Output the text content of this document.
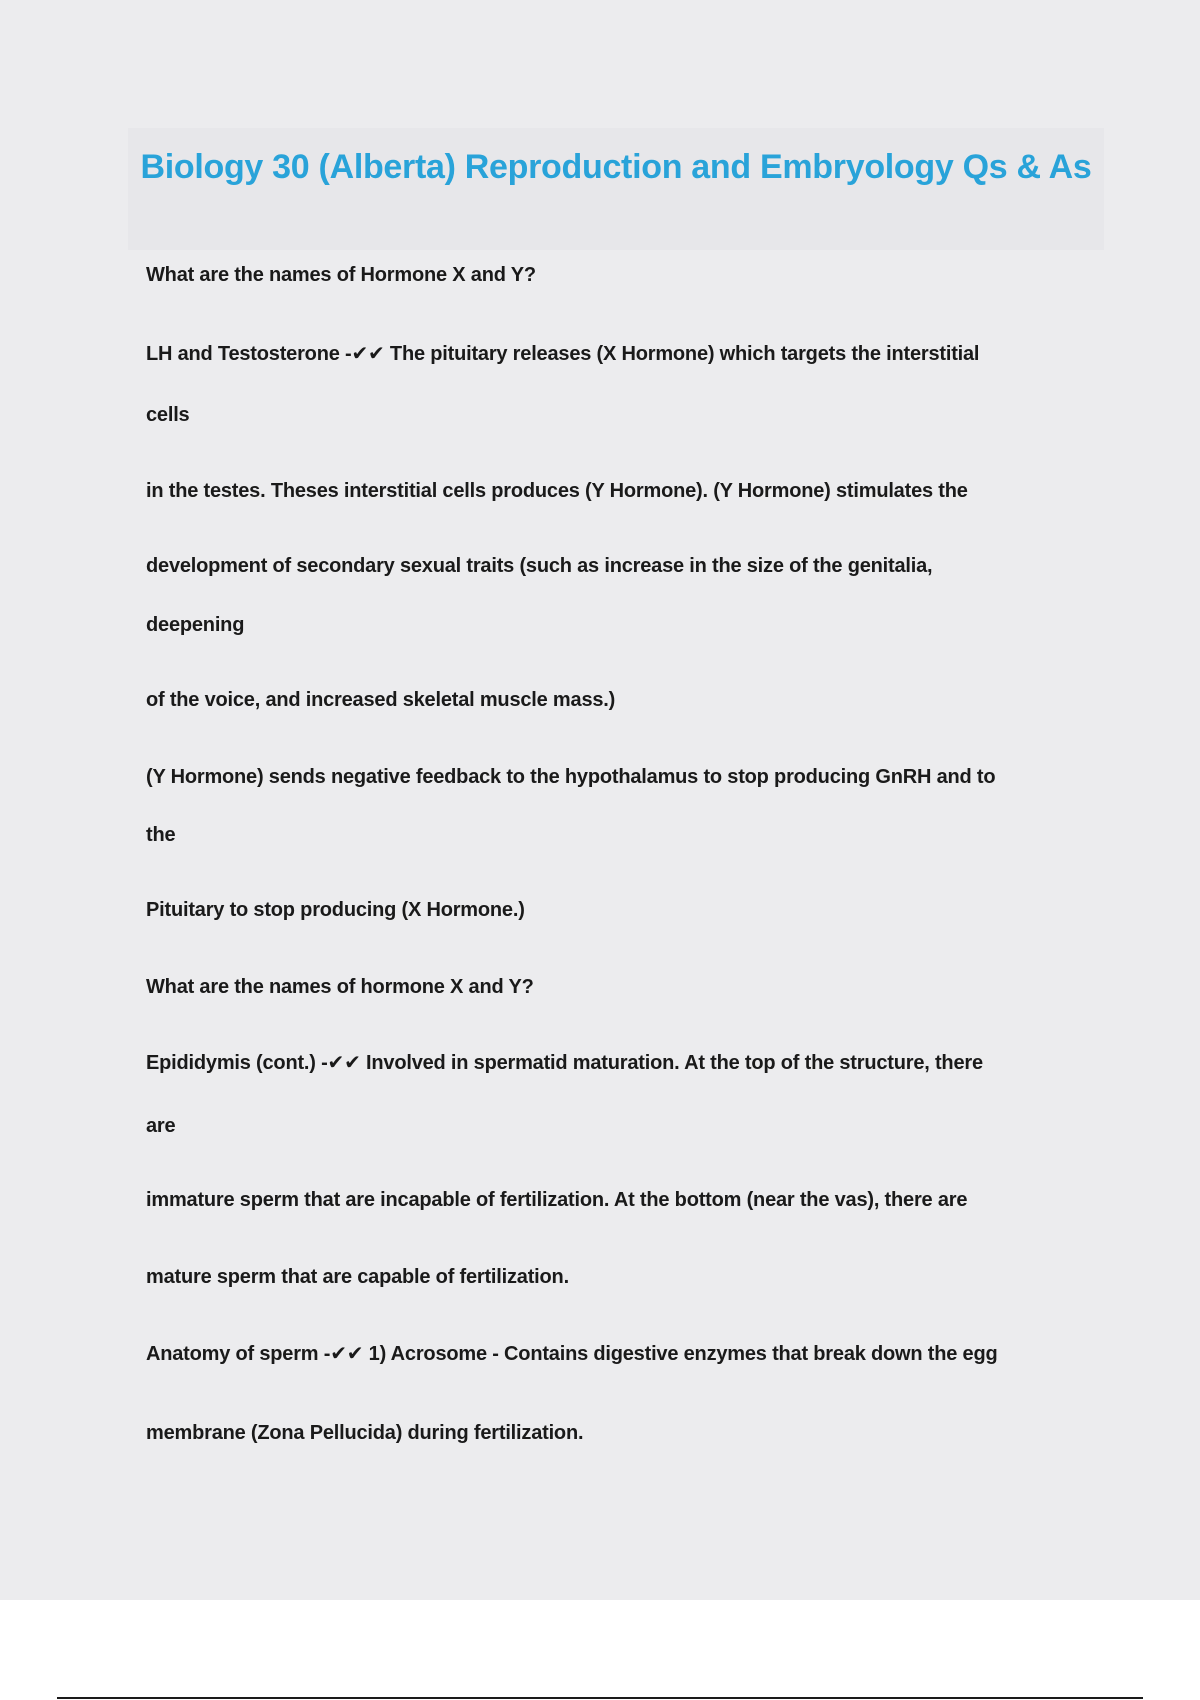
Biology 30 (Alberta) Reproduction and Embryology Qs & As

What are the names of Hormone X and Y?

LH and Testosterone -✔✔ The pituitary releases (X Hormone) which targets the interstitial

cells

in the testes. Theses interstitial cells produces (Y Hormone). (Y Hormone) stimulates the

development of secondary sexual traits (such as increase in the size of the genitalia,

deepening

of the voice, and increased skeletal muscle mass.)

(Y Hormone) sends negative feedback to the hypothalamus to stop producing GnRH and to

the

Pituitary to stop producing (X Hormone.)

What are the names of hormone X and Y?

Epididymis (cont.) -✔✔ Involved in spermatid maturation. At the top of the structure, there

are

immature sperm that are incapable of fertilization. At the bottom (near the vas), there are

mature sperm that are capable of fertilization.

Anatomy of sperm -✔✔ 1) Acrosome - Contains digestive enzymes that break down the egg

membrane (Zona Pellucida) during fertilization.
